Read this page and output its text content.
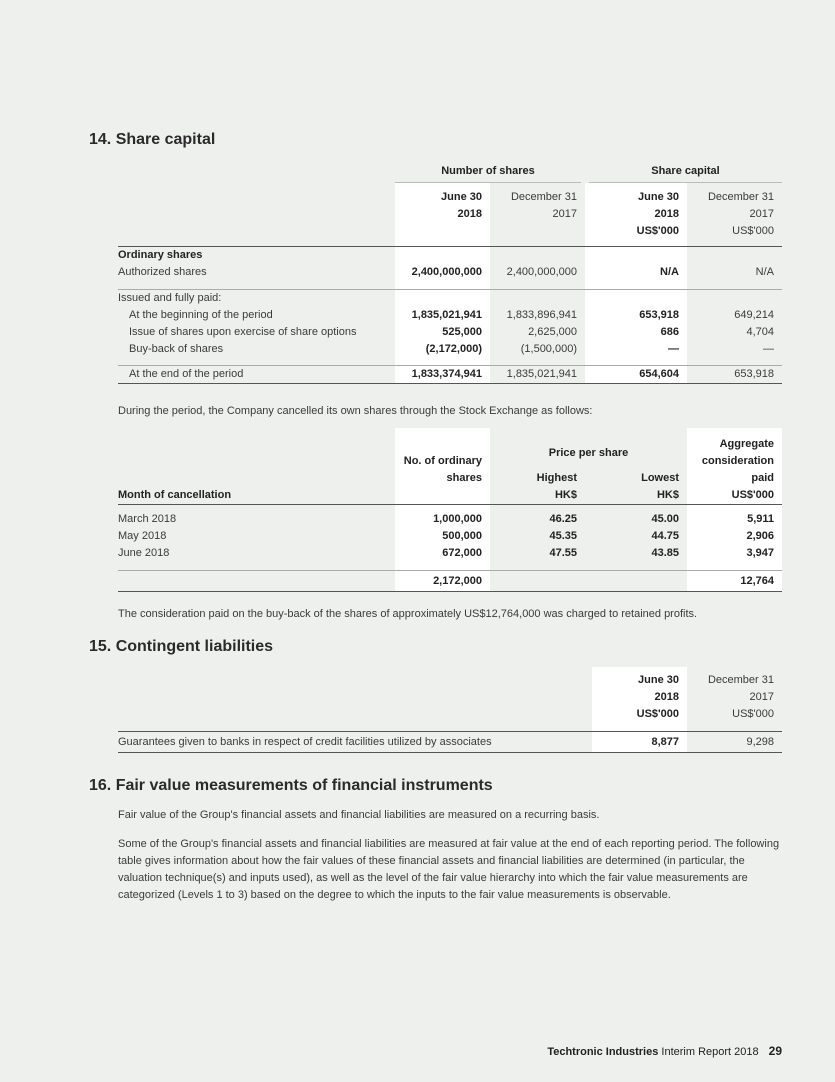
14. Share capital
	Number of shares		Share capital	

	June 30	December 31	June 30	December 31
	2018	2017	2018	2017
			US$'000	US$'000

Ordinary shares				
Authorized shares	2,400,000,000	2,400,000,000	N/A	N/A

Issued and fully paid:				
At the beginning of the period	1,835,021,941	1,833,896,941	653,918	649,214
Issue of shares upon exercise of share options	525,000	2,625,000	686	4,704
Buy-back of shares	(2,172,000)	(1,500,000)	—	—

At the end of the period	1,833,374,941	1,835,021,941	654,604	653,918

During the period, the Company cancelled its own shares through the Stock Exchange as follows:

				Aggregate
	No. of ordinary	Price per share		consideration
	shares	Highest	Lowest	paid
Month of cancellation		HK$	HK$	US$'000

March 2018	1,000,000	46.25	45.00	5,911
May 2018	500,000	45.35	44.75	2,906
June 2018	672,000	47.55	43.85	3,947

	2,172,000			12,764

The consideration paid on the buy-back of the shares of approximately US$12,764,000 was charged to retained profits.

15. Contingent liabilities

	June 30	December 31
	2018	2017
	US$'000	US$'000

Guarantees given to banks in respect of credit facilities utilized by associates	8,877	9,298
16. Fair value measurements of financial instruments

Fair value of the Group's financial assets and financial liabilities are measured on a recurring basis.

Some of the Group's financial assets and financial liabilities are measured at fair value at the end of each reporting period. The following table gives information about how the fair values of these financial assets and financial liabilities are determined (in particular, the valuation technique(s) and inputs used), as well as the level of the fair value hierarchy into which the fair value measurements are categorized (Levels 1 to 3) based on the degree to which the inputs to the fair value measurements is observable.

Techtronic Industries Interim Report 2018 29
